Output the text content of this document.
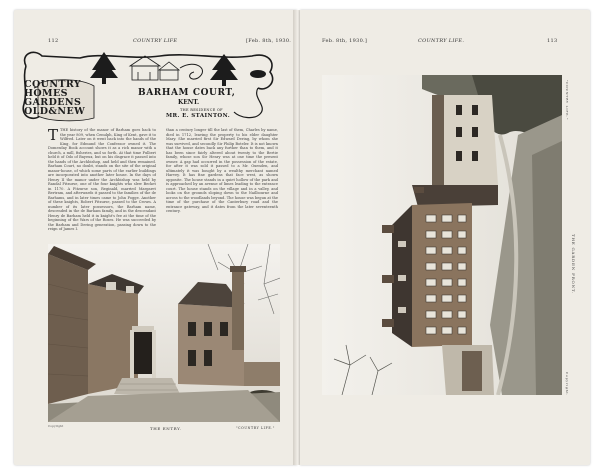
112	COUNTRY LIFE	[Feb. 8th, 1930.
COUNTRY
HOMES
GARDENS
OLD&NEW
BARHAM COURT,
KENT.
THE RESIDENCE OF
MR. E. STAINTON.
T THE history of the manor of Barham goes back to the year 809, when Cenulph, King of Kent, gave it to Wilfred. Later on it went back into the hands of the King, for Edmund the Confessor owned it. The Domesday Book account shows it as a rich manor with a church, a mill, fisheries, and so forth. At that time Fulbert held it of Odo of Bayeux, but on his disgrace it passed into the hands of the Archbishop, and held and then remained. Barham Court, no doubt, stands on the site of the original manor-house, of which some parts of the earlier buildings are incorporated into another later house. In the days of Henry II the manor under the Archbishop was held by Randal Fitzurse, one of the four knights who slew Becket in 1170. A Fitzurse son, Reginald, married Margaret Bertram, and afterwards it passed to the families of the de Barhams, and in later times came to John Fogge. Another of these knights, Robert Fitzurse, passed to the Crown. A number of its later possessors, the Barham name, descended in the de Barham family, and in the descendant Henry de Barham held it in knight's fee at the time of the beginning of the Wars of the Roses. He was succeeded by the Barham and Dering generation, passing down to the reign of James I.
than a century longer till the last of them, Charles by name, died in 1712, leaving the property to his elder daughter Mary. She married first Sir Edward Dering, by whom she was survived, and secondly Sir Philip Boteler. It is not known that the house dates back any further than to them, and it has been since fairly altered about twenty to the Bertie family, whose son Sir Henry was at one time the present owner. A gap had occurred in the possession of the estate, for after it was sold it passed to a Mr. Oxenden, and ultimately it was bought by a wealthy merchant named Harvey. It has fine gardens that face west, as shown opposite. The house stands in a quiet hollow of the park and is approached by an avenue of limes leading to the entrance court. The house stands on the village and in a valley, and looks on the grounds sloping down to the Nailbourne and across to the woodlands beyond. The house was begun at the time of the purchase of the Canterbury road and the entrance gateway, and it dates from the later seventeenth century.
Copyright	THE ENTRY.	"COUNTRY LIFE."
Feb. 8th, 1930.]	COUNTRY LIFE.	113
THE GARDEN FRONT.
"COUNTRY LIFE."
Copyright.
